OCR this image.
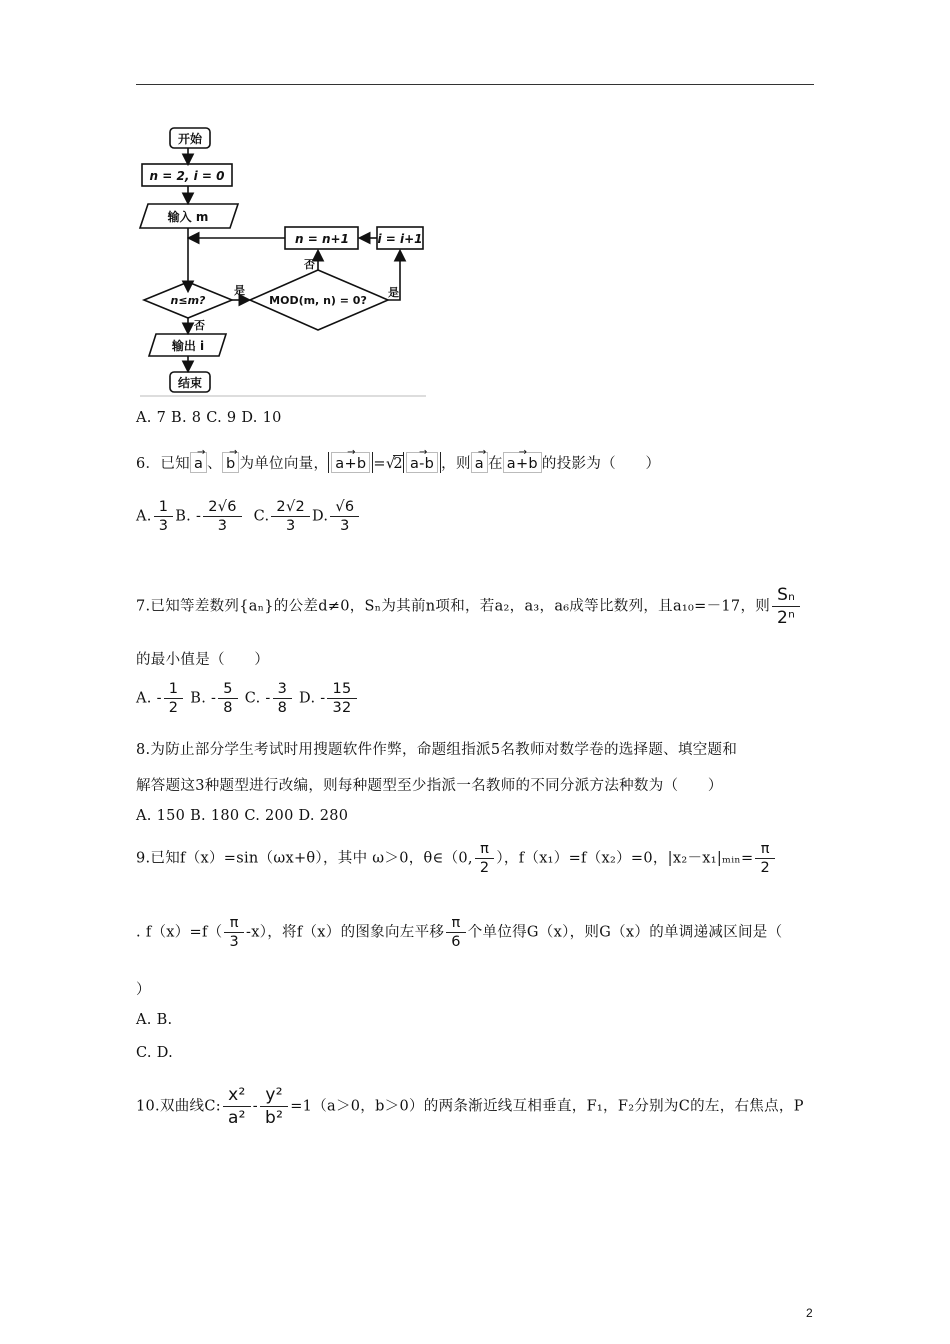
开始
n = 2, i = 0
输入 m
n = n+1 i = i+1
n≤m?	MOD(m, n) = 0?
输出 i
结束
是	是
否
否
A. 7 B. 8 C. 9 D. 10
6．已知 → a 、 → b 为单位向量， → a+b =√2 → a-b ，则 → a 在 → a+b 的投影为（　　）
A. $\frac{1}{3} B$. - $\frac{2√6}{3} C$. $\frac{2√2}{3} D$. $\frac{√6}{3}$
7.已知等差数列{aₙ}的公差d≠0，Sₙ为其前n项和，若a₂，a₃，a₆成等比数列，且a₁₀=－17，则 $\frac{\text{Sₙ}}{\text{2ⁿ}}$
的最小值是（　　）
A. - $\frac{1}{2} B$. - $\frac{5}{8} C$. - $\frac{3}{8} D$. - $\frac{15}{32}$
8.为防止部分学生考试时用搜题软件作弊，命题组指派5名教师对数学卷的选择题、填空题和
解答题这3种题型进行改编，则每种题型至少指派一名教师的不同分派方法种数为（　　）
A. 150 B. 180 C. 200 D. 280
9.已知f（x）=sin（ωx+θ），其中 ω＞0，θ∈（0, $\frac{\pi}{2}$ ），f（x₁）=f（x₂）=0，|x₂－x₁|ₘᵢₙ= $\frac{\pi}{2}$
. $f(x)=f( \frac{\pi}{3} -x)$，将f（x）的图象向左平移 $\frac{\pi}{6}$ 个单位得G（x），则G（x）的单调递减区间是（
）
A. B.
C. D.
10.双曲线C: $\frac{\text{x²}}{\text{a²}} - \frac{\text{y²}}{\text{b²}} =1(a>0$，b＞0）的两条渐近线互相垂直，F₁，F₂分别为C的左，右焦点，P
2
